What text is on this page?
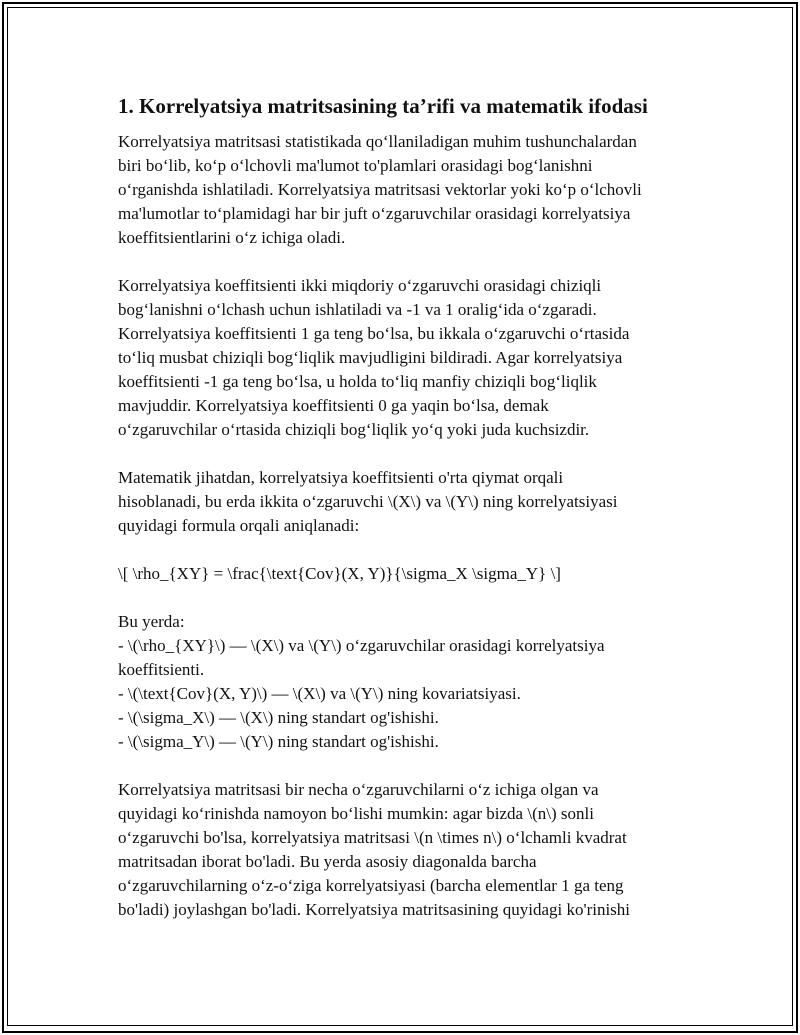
1. Korrelyatsiya matritsasining ta’rifi va matematik ifodasi

Korrelyatsiya matritsasi statistikada qo‘llaniladigan muhim tushunchalardan
biri bo‘lib, ko‘p o‘lchovli ma'lumot to'plamlari orasidagi bog‘lanishni
o‘rganishda ishlatiladi. Korrelyatsiya matritsasi vektorlar yoki ko‘p o‘lchovli
ma'lumotlar to‘plamidagi har bir juft o‘zgaruvchilar orasidagi korrelyatsiya
koeffitsientlarini o‘z ichiga oladi.

Korrelyatsiya koeffitsienti ikki miqdoriy o‘zgaruvchi orasidagi chiziqli
bog‘lanishni o‘lchash uchun ishlatiladi va -1 va 1 oralig‘ida o‘zgaradi.
Korrelyatsiya koeffitsienti 1 ga teng bo‘lsa, bu ikkala o‘zgaruvchi o‘rtasida
to‘liq musbat chiziqli bog‘liqlik mavjudligini bildiradi. Agar korrelyatsiya
koeffitsienti -1 ga teng bo‘lsa, u holda to‘liq manfiy chiziqli bog‘liqlik
mavjuddir. Korrelyatsiya koeffitsienti 0 ga yaqin bo‘lsa, demak
o‘zgaruvchilar o‘rtasida chiziqli bog‘liqlik yo‘q yoki juda kuchsizdir.

Matematik jihatdan, korrelyatsiya koeffitsienti o'rta qiymat orqali
hisoblanadi, bu erda ikkita o‘zgaruvchi \(X\) va \(Y\) ning korrelyatsiyasi
quyidagi formula orqali aniqlanadi:

\[ \rho_{XY} = \frac{\text{Cov}(X, Y)}{\sigma_X \sigma_Y} \]

Bu yerda:
- \(\rho_{XY}\) — \(X\) va \(Y\) o‘zgaruvchilar orasidagi korrelyatsiya
koeffitsienti.
- \(\text{Cov}(X, Y)\) — \(X\) va \(Y\) ning kovariatsiyasi.
- \(\sigma_X\) — \(X\) ning standart og'ishishi.
- \(\sigma_Y\) — \(Y\) ning standart og'ishishi.

Korrelyatsiya matritsasi bir necha o‘zgaruvchilarni o‘z ichiga olgan va
quyidagi ko‘rinishda namoyon bo‘lishi mumkin: agar bizda \(n\) sonli
o‘zgaruvchi bo'lsa, korrelyatsiya matritsasi \(n \times n\) o‘lchamli kvadrat
matritsadan iborat bo'ladi. Bu yerda asosiy diagonalda barcha
o‘zgaruvchilarning o‘z-o‘ziga korrelyatsiyasi (barcha elementlar 1 ga teng
bo'ladi) joylashgan bo'ladi. Korrelyatsiya matritsasining quyidagi ko'rinishi
